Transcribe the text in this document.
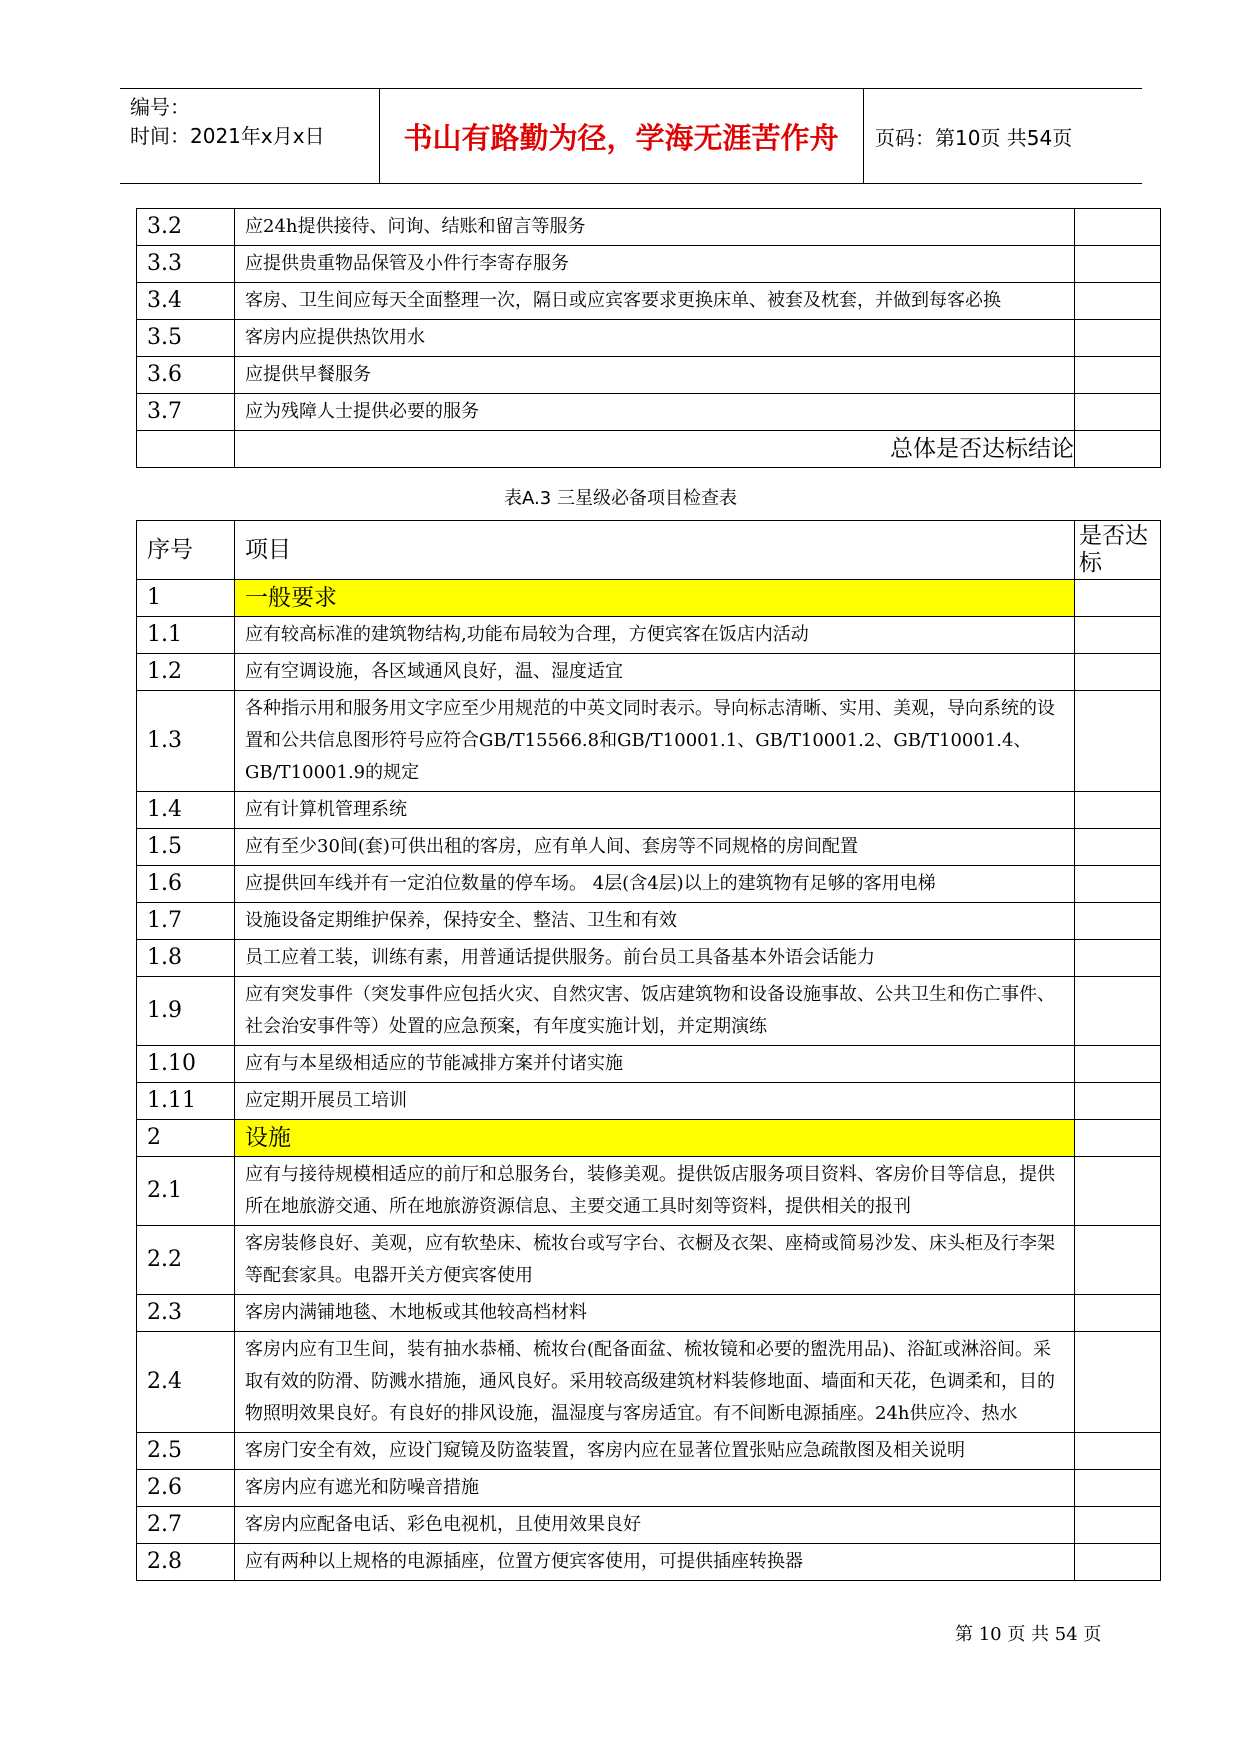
编号：
时间：2021年x月x日	书山有路勤为径，学海无涯苦作舟	页码：第10页 共54页
3.2	应24h提供接待、问询、结账和留言等服务	
3.3	应提供贵重物品保管及小件行李寄存服务	
3.4	客房、卫生间应每天全面整理一次，隔日或应宾客要求更换床单、被套及枕套，并做到每客必换	
3.5	客房内应提供热饮用水	
3.6	应提供早餐服务	
3.7	应为残障人士提供必要的服务	
	总体是否达标结论	
表A.3 三星级必备项目检查表
序号	项目	是否达标
1	一般要求	
1.1	应有较高标准的建筑物结构,功能布局较为合理，方便宾客在饭店内活动	
1.2	应有空调设施，各区域通风良好，温、湿度适宜	
1.3	各种指示用和服务用文字应至少用规范的中英文同时表示。导向标志清晰、实用、美观，导向系统的设置和公共信息图形符号应符合GB/T15566.8和GB/T10001.1、GB/T10001.2、GB/T10001.4、GB/T10001.9的规定	
1.4	应有计算机管理系统	
1.5	应有至少30间(套)可供出租的客房，应有单人间、套房等不同规格的房间配置	
1.6	应提供回车线并有一定泊位数量的停车场。 4层(含4层)以上的建筑物有足够的客用电梯	
1.7	设施设备定期维护保养，保持安全、整洁、卫生和有效	
1.8	员工应着工装，训练有素，用普通话提供服务。前台员工具备基本外语会话能力	
1.9	应有突发事件（突发事件应包括火灾、自然灾害、饭店建筑物和设备设施事故、公共卫生和伤亡事件、社会治安事件等）处置的应急预案，有年度实施计划，并定期演练	
1.10	应有与本星级相适应的节能减排方案并付诸实施	
1.11	应定期开展员工培训	
2	设施	
2.1	应有与接待规模相适应的前厅和总服务台，装修美观。提供饭店服务项目资料、客房价目等信息，提供所在地旅游交通、所在地旅游资源信息、主要交通工具时刻等资料，提供相关的报刊	
2.2	客房装修良好、美观，应有软垫床、梳妆台或写字台、衣橱及衣架、座椅或简易沙发、床头柜及行李架等配套家具。电器开关方便宾客使用	
2.3	客房内满铺地毯、木地板或其他较高档材料	
2.4	客房内应有卫生间，装有抽水恭桶、梳妆台(配备面盆、梳妆镜和必要的盥洗用品)、浴缸或淋浴间。采取有效的防滑、防溅水措施，通风良好。采用较高级建筑材料装修地面、墙面和天花，色调柔和，目的物照明效果良好。有良好的排风设施，温湿度与客房适宜。有不间断电源插座。24h供应冷、热水	
2.5	客房门安全有效，应设门窥镜及防盗装置，客房内应在显著位置张贴应急疏散图及相关说明	
2.6	客房内应有遮光和防噪音措施	
2.7	客房内应配备电话、彩色电视机，且使用效果良好	
2.8	应有两种以上规格的电源插座，位置方便宾客使用，可提供插座转换器	
第 10 页 共 54 页
